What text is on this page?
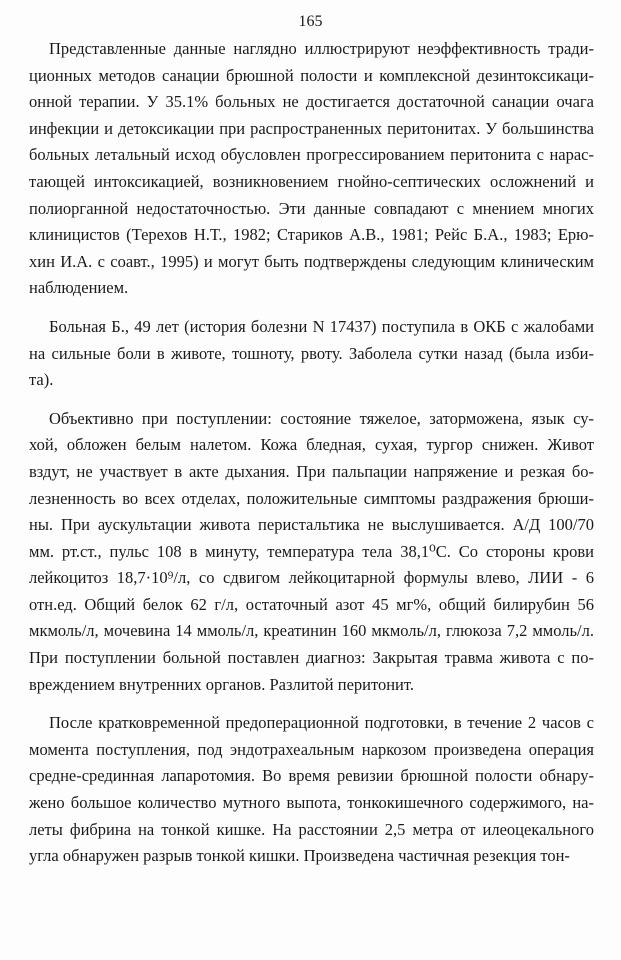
165
Представленные данные наглядно иллюстрируют неэффективность тради-
ционных методов санации брюшной полости и комплексной дезинтоксикаци-
онной терапии. У 35.1% больных не достигается достаточной санации очага
инфекции и детоксикации при распространенных перитонитах. У большинства
больных летальный исход обусловлен прогрессированием перитонита с нарас-
тающей интоксикацией, возникновением гнойно-септических осложнений и
полиорганной недостаточностью. Эти данные совпадают с мнением многих
клиницистов (Терехов Н.Т., 1982; Стариков А.В., 1981; Рейс Б.А., 1983; Ерю-
хин И.А. с соавт., 1995) и могут быть подтверждены следующим клиническим
наблюдением.
Больная Б., 49 лет (история болезни N 17437) поступила в ОКБ с жалобами
на сильные боли в животе, тошноту, рвоту. Заболела сутки назад (была изби-
та).
Объективно при поступлении: состояние тяжелое, заторможена, язык су-
хой, обложен белым налетом. Кожа бледная, сухая, тургор снижен. Живот
вздут, не участвует в акте дыхания. При пальпации напряжение и резкая бо-
лезненность во всех отделах, положительные симптомы раздражения брюши-
ны. При аускультации живота перистальтика не выслушивается. А/Д 100/70
мм. рт.ст., пульс 108 в минуту, температура тела 38,1⁰С. Со стороны крови
лейкоцитоз 18,7·10⁹/л, со сдвигом лейкоцитарной формулы влево, ЛИИ - 6
отн.ед. Общий белок 62 г/л, остаточный азот 45 мг%, общий билирубин 56
мкмоль/л, мочевина 14 ммоль/л, креатинин 160 мкмоль/л, глюкоза 7,2 ммоль/л.
При поступлении больной поставлен диагноз: Закрытая травма живота с по-
вреждением внутренних органов. Разлитой перитонит.
После кратковременной предоперационной подготовки, в течение 2 часов с
момента поступления, под эндотрахеальным наркозом произведена операция
средне-срединная лапаротомия. Во время ревизии брюшной полости обнару-
жено большое количество мутного выпота, тонкокишечного содержимого, на-
леты фибрина на тонкой кишке. На расстоянии 2,5 метра от илеоцекального
угла обнаружен разрыв тонкой кишки. Произведена частичная резекция тон-
